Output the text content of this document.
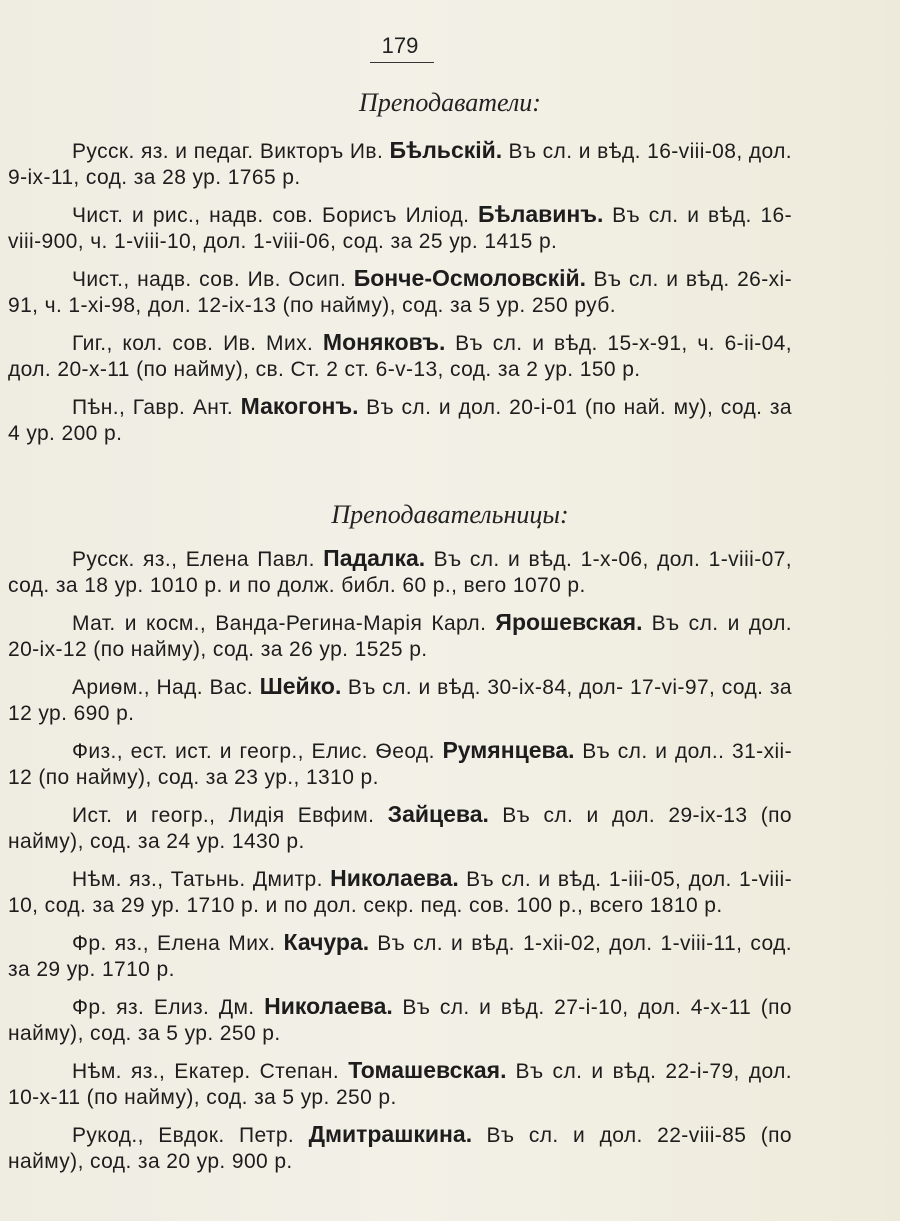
179
Преподаватели:

Русск. яз. и педаг. Викторъ Ив. Бѣльскій. Въ сл. и вѣд. 16-viii-08, дол. 9-ix-11, сод. за 28 ур. 1765 р.

Чист. и рис., надв. сов. Борисъ Иліод. Бѣлавинъ. Въ сл. и вѣд. 16-viii-900, ч. 1-viii-10, дол. 1-viii-06, сод. за 25 ур. 1415 р.

Чист., надв. сов. Ив. Осип. Бонче-Осмоловскій. Въ сл. и вѣд. 26-xi-91, ч. 1-xi-98, дол. 12-ix-13 (по найму), сод. за 5 ур. 250 руб.

Гиг., кол. сов. Ив. Мих. Моняковъ. Въ сл. и вѣд. 15-x-91, ч. 6-ii-04, дол. 20-x-11 (по найму), св. Ст. 2 ст. 6-v-13, сод. за 2 ур. 150 р.

Пѣн., Гавр. Ант. Макогонъ. Въ сл. и дол. 20-i-01 (по най. му), сод. за 4 ур. 200 р.

Преподавательницы:

Русск. яз., Елена Павл. Падалка. Въ сл. и вѣд. 1-x-06, дол. 1-viii-07, сод. за 18 ур. 1010 р. и по долж. библ. 60 р., вего 1070 р.

Мат. и косм., Ванда-Регина-Марія Карл. Ярошевская. Въ сл. и дол. 20-ix-12 (по найму), сод. за 26 ур. 1525 р.

Ариѳм., Над. Вас. Шейко. Въ сл. и вѣд. 30-ix-84, дол- 17-vi-97, сод. за 12 ур. 690 р.

Физ., ест. ист. и геогр., Елис. Ѳеод. Румянцева. Въ сл. и дол.. 31-xii-12 (по найму), сод. за 23 ур., 1310 р.

Ист. и геогр., Лидія Евфим. Зайцева. Въ сл. и дол. 29-ix-13 (по найму), сод. за 24 ур. 1430 р.

Нѣм. яз., Татьнь. Дмитр. Николаева. Въ сл. и вѣд. 1-iii-05, дол. 1-viii-10, сод. за 29 ур. 1710 р. и по дол. секр. пед. сов. 100 р., всего 1810 р.

Фр. яз., Елена Мих. Качура. Въ сл. и вѣд. 1-xii-02, дол. 1-viii-11, сод. за 29 ур. 1710 р.

Фр. яз. Елиз. Дм. Николаева. Въ сл. и вѣд. 27-i-10, дол. 4-x-11 (по найму), сод. за 5 ур. 250 р.

Нѣм. яз., Екатер. Степан. Томашевская. Въ сл. и вѣд. 22-i-79, дол. 10-x-11 (по найму), сод. за 5 ур. 250 р.

Рукод., Евдок. Петр. Дмитрашкина. Въ сл. и дол. 22-viii-85 (по найму), сод. за 20 ур. 900 р.
